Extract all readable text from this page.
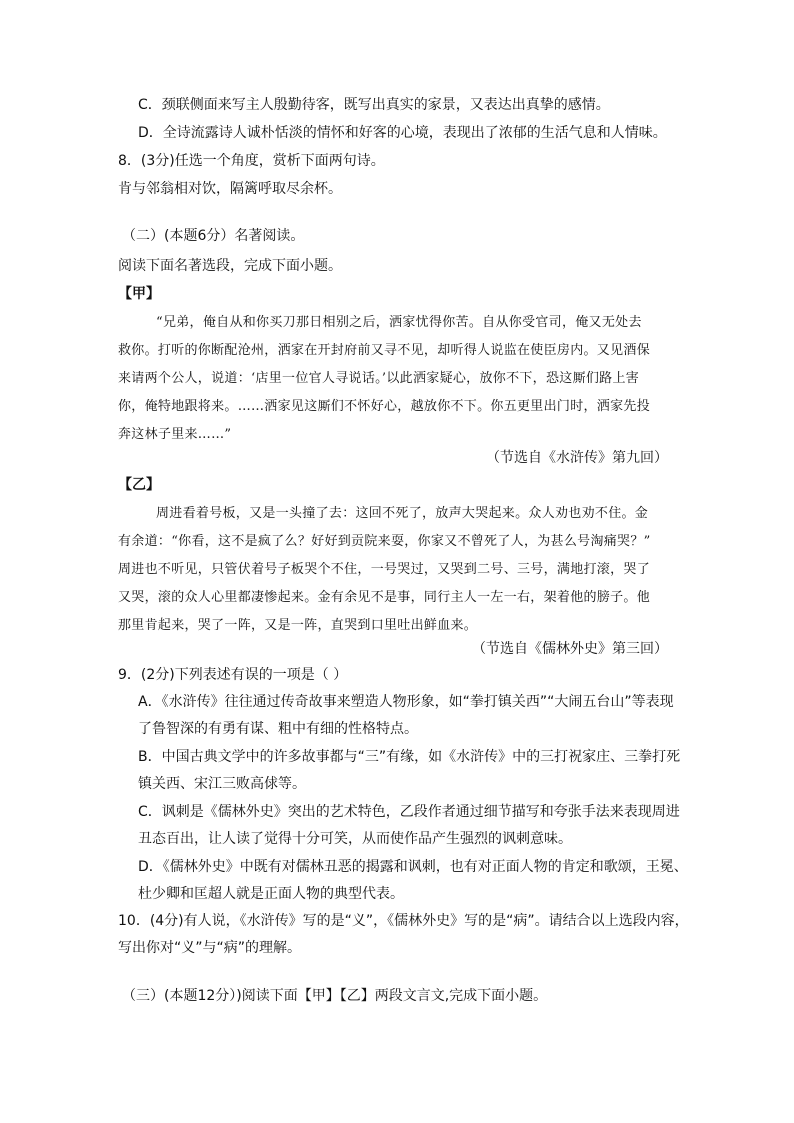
C．颈联侧面来写主人殷勤待客，既写出真实的家景，又表达出真挚的感情。
D．全诗流露诗人诚朴恬淡的情怀和好客的心境，表现出了浓郁的生活气息和人情味。
8．(3分)任选一个角度，赏析下面两句诗。
肯与邻翁相对饮，隔篱呼取尽余杯。
（二）(本题6分）名著阅读。
阅读下面名著选段，完成下面小题。
【甲】
“兄弟，俺自从和你买刀那日相别之后，洒家忧得你苦。自从你受官司，俺又无处去
救你。打听的你断配沧州，洒家在开封府前又寻不见，却听得人说监在使臣房内。又见酒保
来请两个公人，说道：‘店里一位官人寻说话。’以此洒家疑心，放你不下，恐这厮们路上害
你，俺特地跟将来。……洒家见这厮们不怀好心，越放你不下。你五更里出门时，洒家先投
奔这林子里来……”
（节选自《水浒传》第九回）
【乙】
周进看着号板，又是一头撞了去：这回不死了，放声大哭起来。众人劝也劝不住。金
有余道：“你看，这不是疯了么？好好到贡院来耍，你家又不曾死了人，为甚么号淘痛哭？”
周进也不听见，只管伏着号子板哭个不住，一号哭过，又哭到二号、三号，满地打滚，哭了
又哭，滚的众人心里都凄惨起来。金有余见不是事，同行主人一左一右，架着他的膀子。他
那里肯起来，哭了一阵，又是一阵，直哭到口里吐出鲜血来。
（节选自《儒林外史》第三回）
9．(2分)下列表述有误的一项是（ ）
A．《水浒传》往往通过传奇故事来塑造人物形象，如“拳打镇关西”“大闹五台山”等表现
了鲁智深的有勇有谋、粗中有细的性格特点。
B．中国古典文学中的许多故事都与“三”有缘，如《水浒传》中的三打祝家庄、三拳打死
镇关西、宋江三败高俅等。
C．讽刺是《儒林外史》突出的艺术特色，乙段作者通过细节描写和夸张手法来表现周进
丑态百出，让人读了觉得十分可笑，从而使作品产生强烈的讽刺意味。
D．《儒林外史》中既有对儒林丑恶的揭露和讽刺，也有对正面人物的肯定和歌颂，王冕、
杜少卿和匡超人就是正面人物的典型代表。
10．(4分)有人说，《水浒传》写的是“义”，《儒林外史》写的是“病”。请结合以上选段内容，
写出你对“义”与“病”的理解。
（三）(本题12分）)阅读下面【甲】【乙】两段文言文,完成下面小题。
